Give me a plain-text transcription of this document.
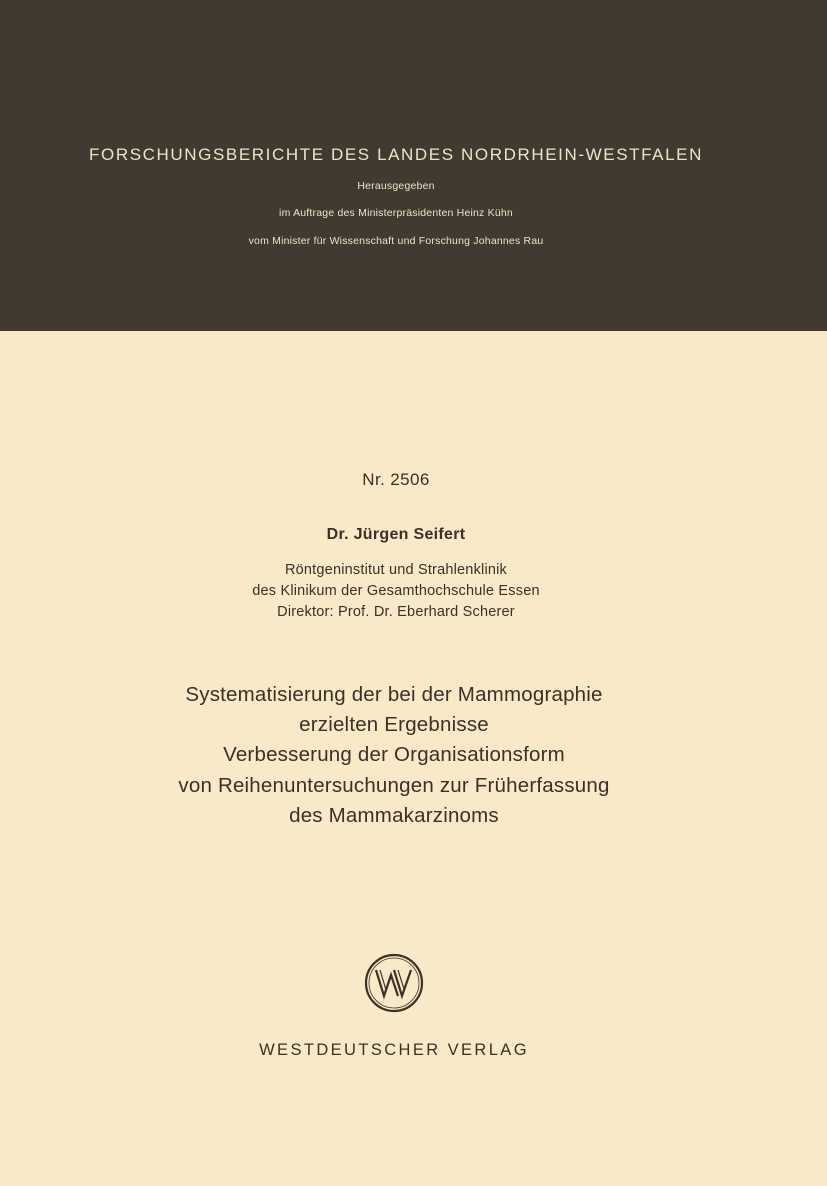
FORSCHUNGSBERICHTE DES LANDES NORDRHEIN-WESTFALEN
Herausgegeben
im Auftrage des Ministerpräsidenten Heinz Kühn
vom Minister für Wissenschaft und Forschung Johannes Rau
Nr. 2506
Dr. Jürgen Seifert
Röntgeninstitut und Strahlenklinik
des Klinikum der Gesamthochschule Essen
Direktor: Prof. Dr. Eberhard Scherer
Systematisierung der bei der Mammographie
erzielten Ergebnisse
Verbesserung der Organisationsform
von Reihenuntersuchungen zur Früherfassung
des Mammakarzinoms
WESTDEUTSCHER VERLAG
